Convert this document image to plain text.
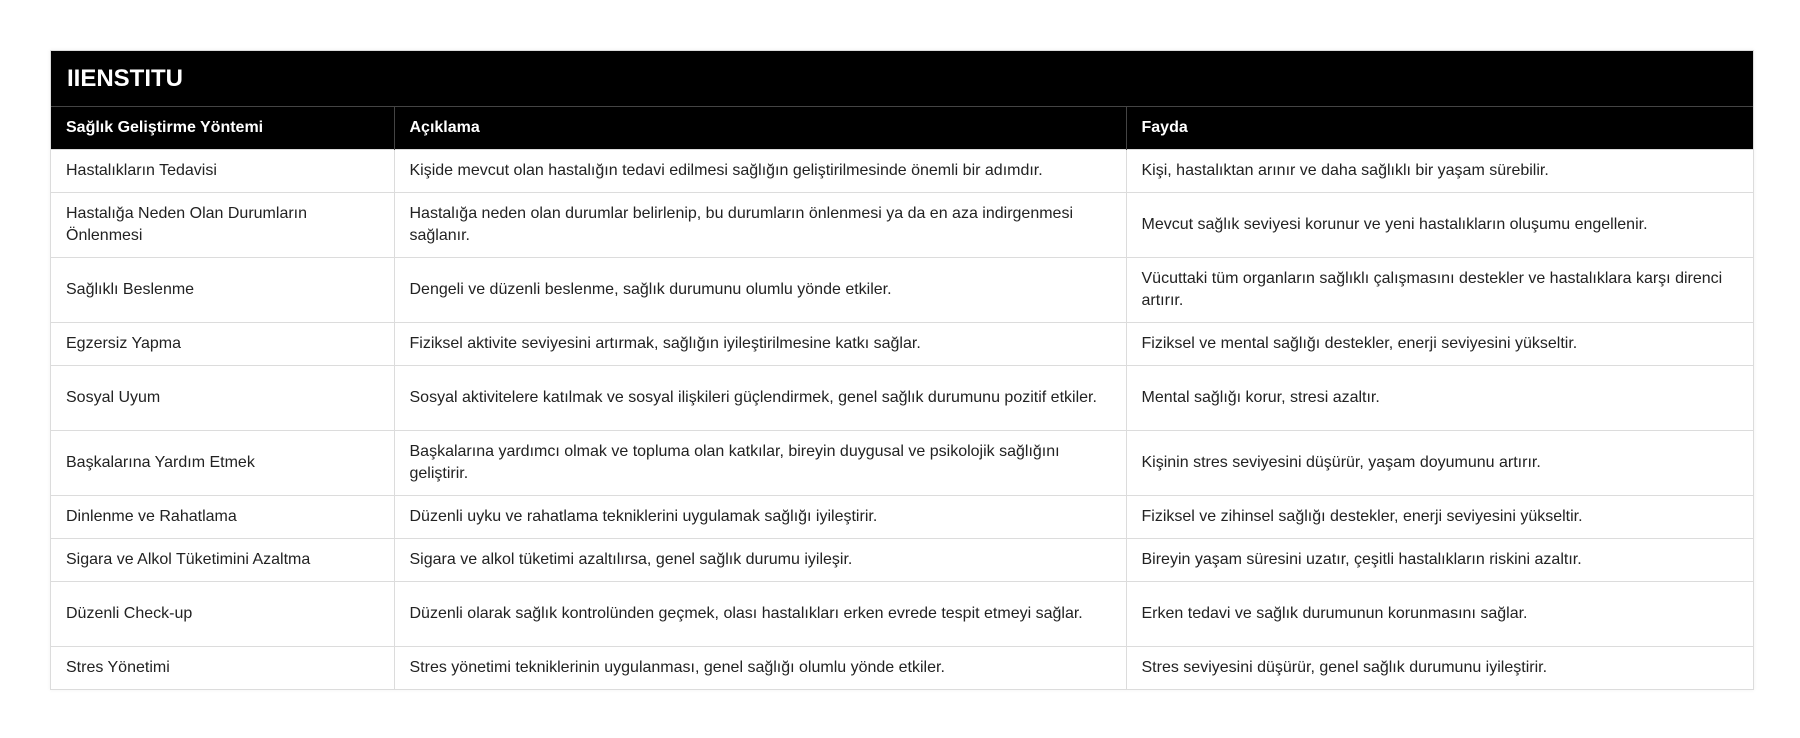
IIENSTITU
Sağlık Geliştirme Yöntemi	Açıklama	Fayda
Hastalıkların Tedavisi	Kişide mevcut olan hastalığın tedavi edilmesi sağlığın geliştirilmesinde önemli bir adımdır.	Kişi, hastalıktan arınır ve daha sağlıklı bir yaşam sürebilir.
Hastalığa Neden Olan Durumların Önlenmesi	Hastalığa neden olan durumlar belirlenip, bu durumların önlenmesi ya da en aza indirgenmesi sağlanır.	Mevcut sağlık seviyesi korunur ve yeni hastalıkların oluşumu engellenir.
Sağlıklı Beslenme	Dengeli ve düzenli beslenme, sağlık durumunu olumlu yönde etkiler.	Vücuttaki tüm organların sağlıklı çalışmasını destekler ve hastalıklara karşı direnci artırır.
Egzersiz Yapma	Fiziksel aktivite seviyesini artırmak, sağlığın iyileştirilmesine katkı sağlar.	Fiziksel ve mental sağlığı destekler, enerji seviyesini yükseltir.
Sosyal Uyum	Sosyal aktivitelere katılmak ve sosyal ilişkileri güçlendirmek, genel sağlık durumunu pozitif etkiler.	Mental sağlığı korur, stresi azaltır.
Başkalarına Yardım Etmek	Başkalarına yardımcı olmak ve topluma olan katkılar, bireyin duygusal ve psikolojik sağlığını geliştirir.	Kişinin stres seviyesini düşürür, yaşam doyumunu artırır.
Dinlenme ve Rahatlama	Düzenli uyku ve rahatlama tekniklerini uygulamak sağlığı iyileştirir.	Fiziksel ve zihinsel sağlığı destekler, enerji seviyesini yükseltir.
Sigara ve Alkol Tüketimini Azaltma	Sigara ve alkol tüketimi azaltılırsa, genel sağlık durumu iyileşir.	Bireyin yaşam süresini uzatır, çeşitli hastalıkların riskini azaltır.
Düzenli Check-up	Düzenli olarak sağlık kontrolünden geçmek, olası hastalıkları erken evrede tespit etmeyi sağlar.	Erken tedavi ve sağlık durumunun korunmasını sağlar.
Stres Yönetimi	Stres yönetimi tekniklerinin uygulanması, genel sağlığı olumlu yönde etkiler.	Stres seviyesini düşürür, genel sağlık durumunu iyileştirir.
